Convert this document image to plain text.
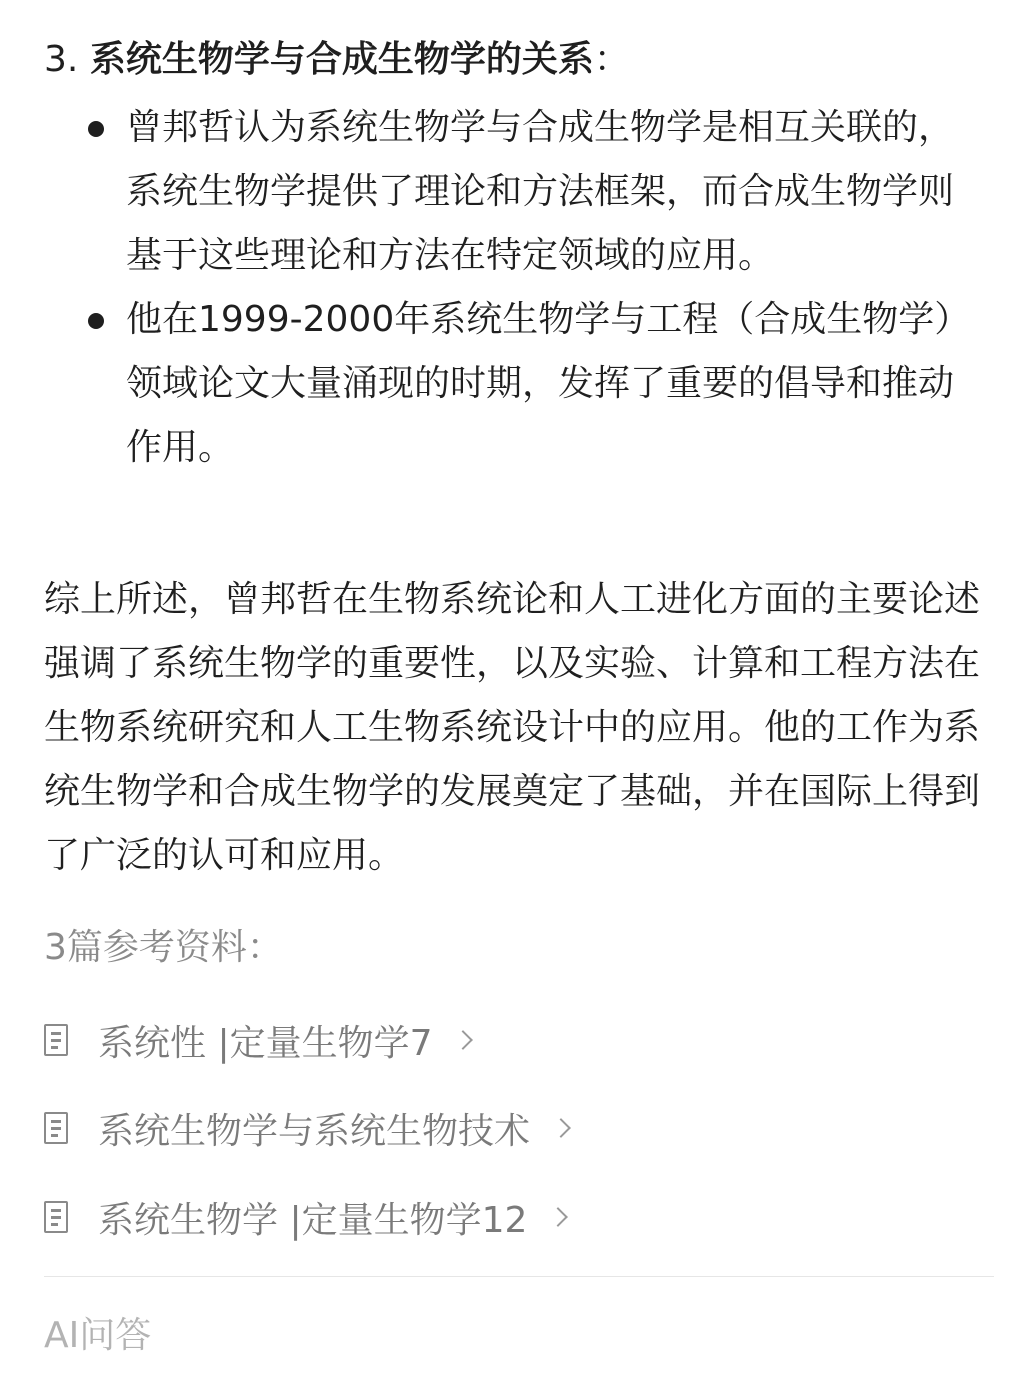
3. 系统生物学与合成生物学的关系：
曾邦哲认为系统生物学与合成生物学是相互关联的，系统生物学提供了理论和方法框架，而合成生物学则基于这些理论和方法在特定领域的应用。
他在1999-2000年系统生物学与工程（合成生物学）领域论文大量涌现的时期，发挥了重要的倡导和推动作用。

综上所述，曾邦哲在生物系统论和人工进化方面的主要论述强调了系统生物学的重要性，以及实验、计算和工程方法在生物系统研究和人工生物系统设计中的应用。他的工作为系统生物学和合成生物学的发展奠定了基础，并在国际上得到了广泛的认可和应用。

3篇参考资料：
系统性 |定量生物学7
系统生物学与系统生物技术
系统生物学 |定量生物学12
AI问答
